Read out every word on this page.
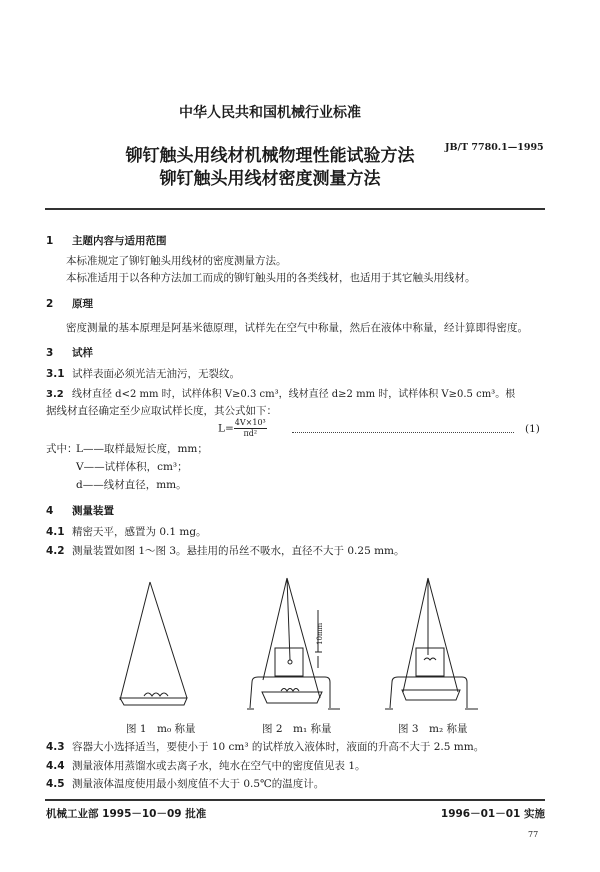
中华人民共和国机械行业标准
JB/T 7780.1—1995
铆钉触头用线材机械物理性能试验方法
铆钉触头用线材密度测量方法
1 主题内容与适用范围
本标准规定了铆钉触头用线材的密度测量方法。
本标准适用于以各种方法加工而成的铆钉触头用的各类线材，也适用于其它触头用线材。
2 原理
密度测量的基本原理是阿基米德原理，试样先在空气中称量，然后在液体中称量，经计算即得密度。
3 试样
3.1 试样表面必须光洁无油污，无裂纹。
3.2 线材直径 d<2 mm 时，试样体积 V≥0.3 cm³，线材直径 d≥2 mm 时，试样体积 V≥0.5 cm³。根
据线材直径确定至少应取试样长度，其公式如下：
$L= \frac{\text{4V×10³}}{\text{πd²}}$	(1)
式中：
L——取样最短长度，mm；
V——试样体积，cm³；
d——线材直径，mm。
4 测量装置
4.1 精密天平，感置为 0.1 mg。
4.2 测量装置如图 1～图 3。悬挂用的吊丝不吸水，直径不大于 0.25 mm。
10mm
图 1　m₀ 称量	图 2　m₁ 称量	图 3　m₂ 称量
4.3 容器大小选择适当，要使小于 10 cm³ 的试样放入液体时，液面的升高不大于 2.5 mm。
4.4 测量液体用蒸馏水或去离子水，纯水在空气中的密度值见表 1。
4.5 测量液体温度使用最小刻度值不大于 0.5℃的温度计。
机械工业部 1995－10－09 批准	1996－01－01 实施
77
